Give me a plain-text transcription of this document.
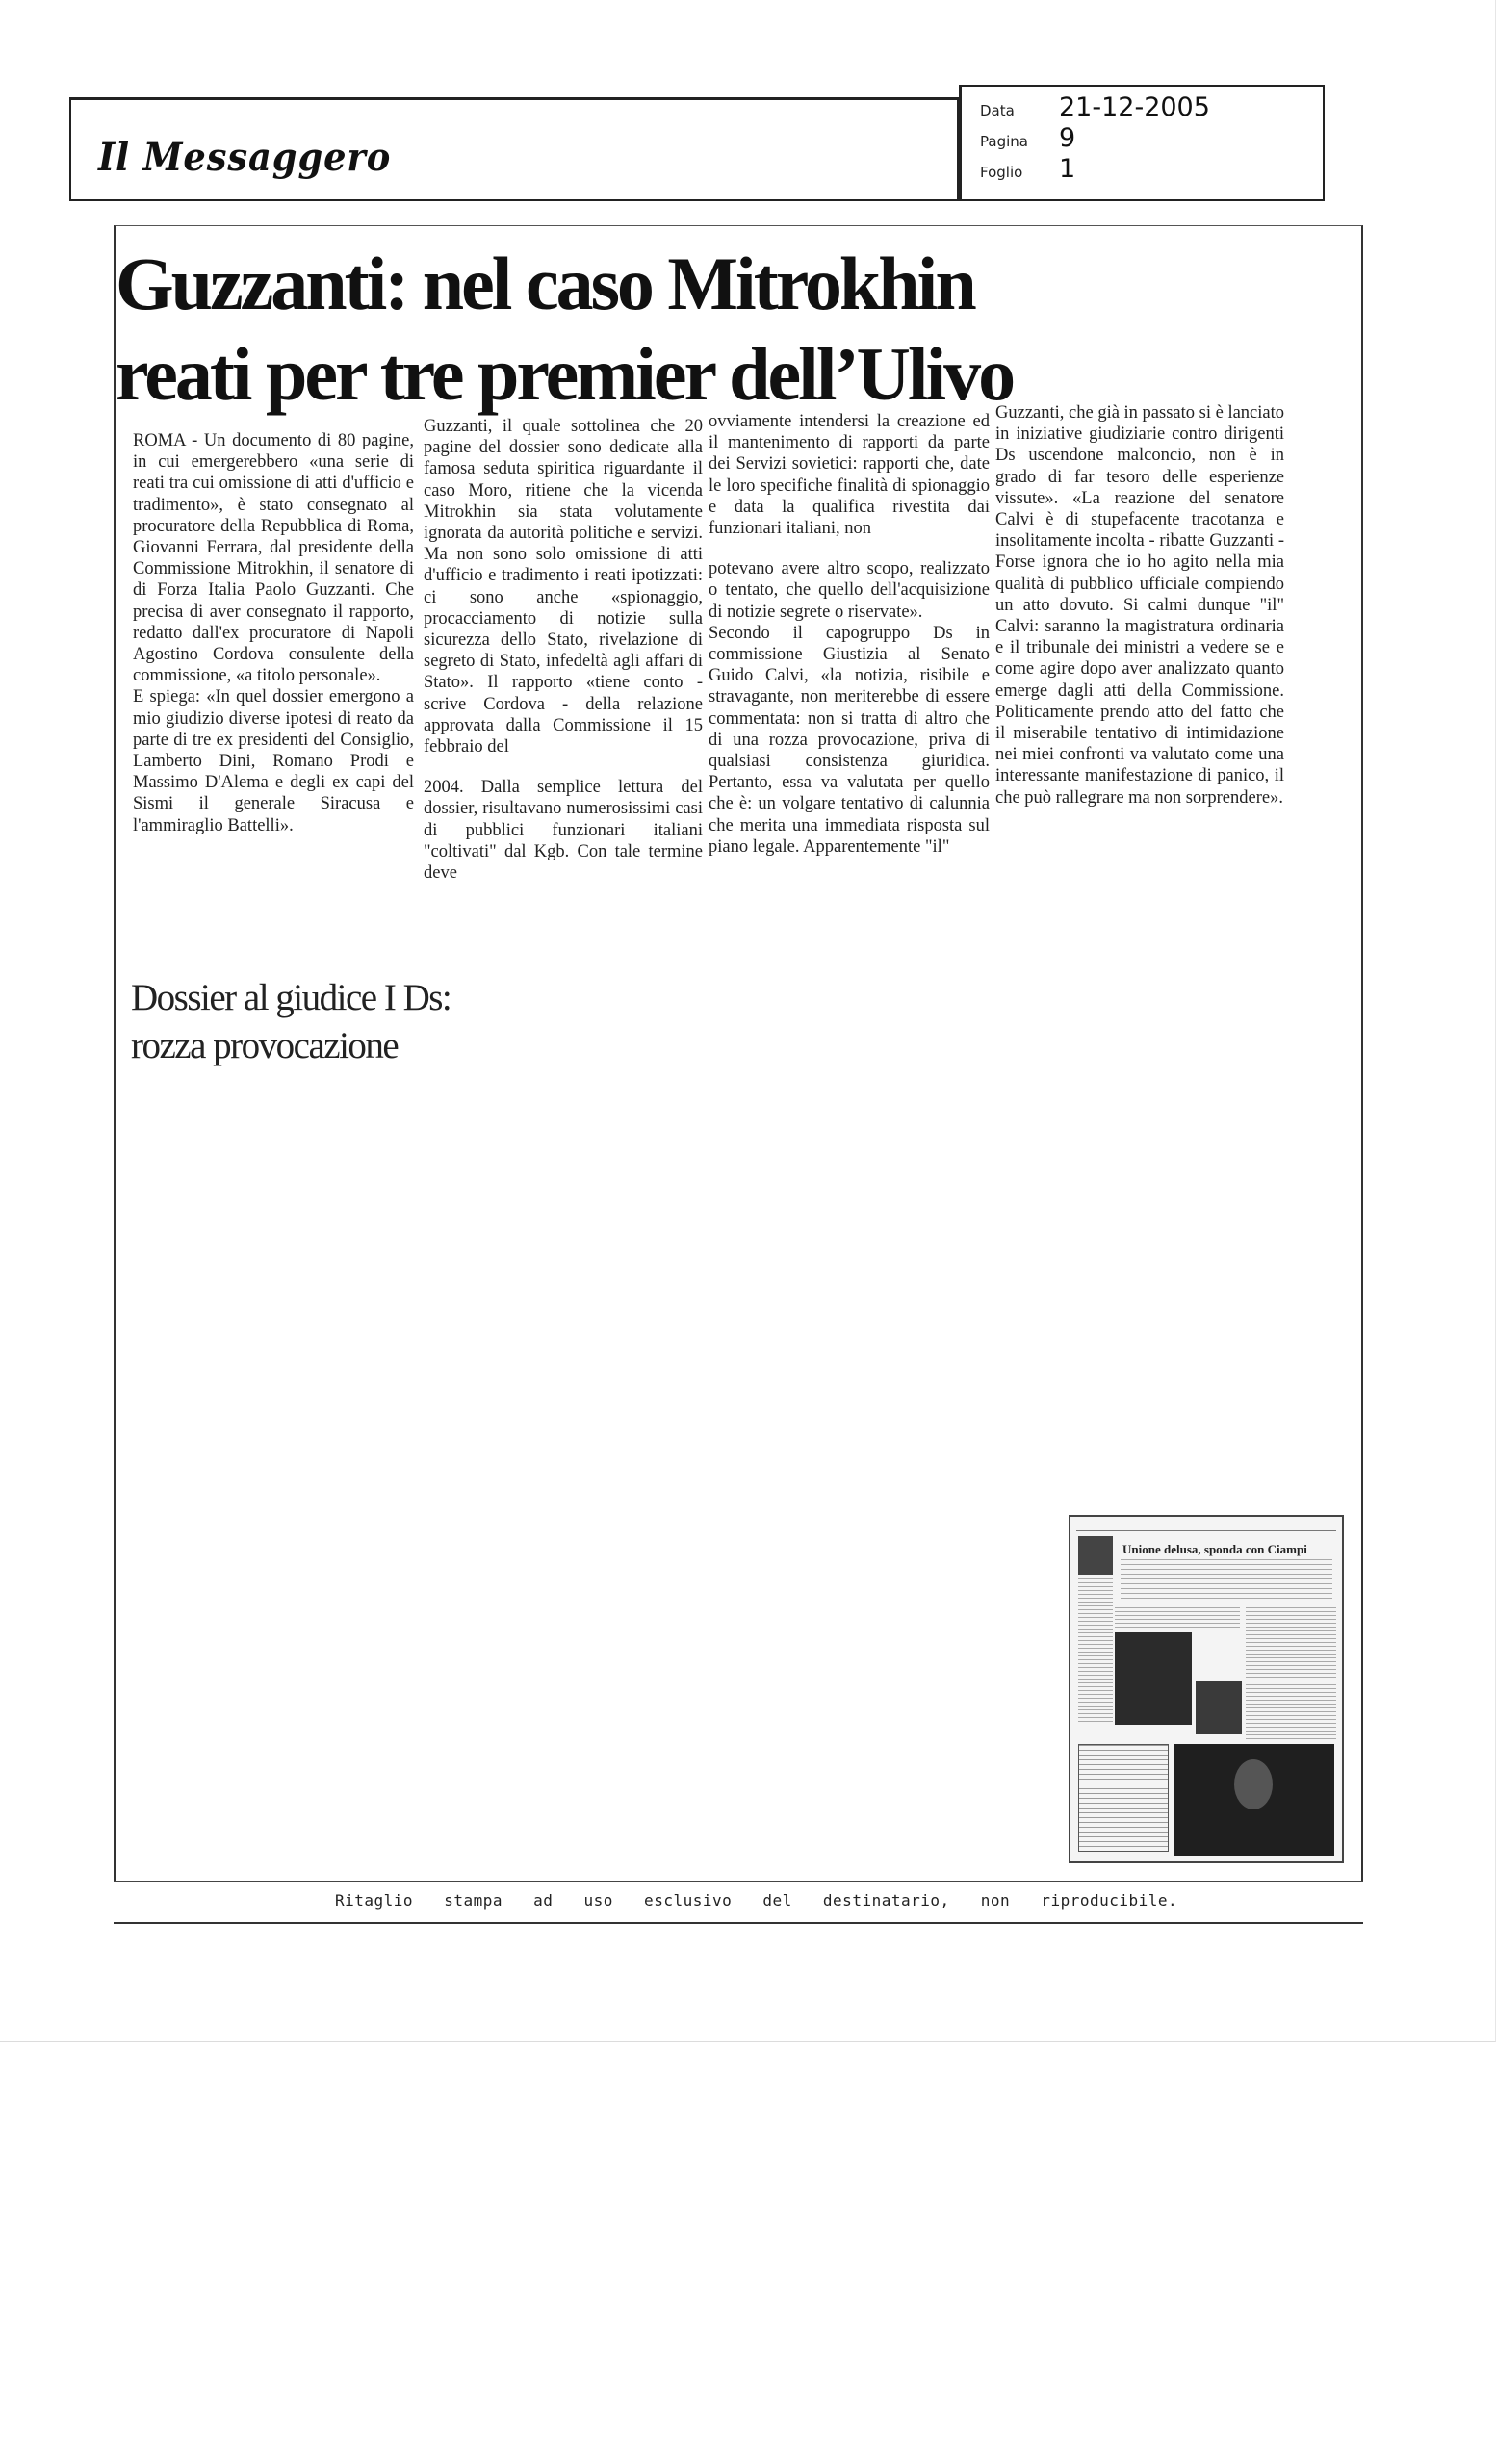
Il Messaggero
Data	21-12-2005
Pagina	9
Foglio	1
Guzzanti: nel caso Mitrokhin reati per tre premier dell’Ulivo

ROMA - Un documento di 80 pagine, in cui emergerebbero «una serie di reati tra cui omissione di atti d'ufficio e tradimento», è stato consegnato al procuratore della Repubblica di Roma, Giovanni Ferrara, dal presidente della Commissione Mitrokhin, il senatore di di Forza Italia Paolo Guzzanti. Che precisa di aver consegnato il rapporto, redatto dall'ex procuratore di Napoli Agostino Cordova consulente della commissione, «a titolo personale».

E spiega: «In quel dossier emergono a mio giudizio diverse ipotesi di reato da parte di tre ex presidenti del Consiglio, Lamberto Dini, Romano Prodi e Massimo D'Alema e degli ex capi del Sismi il generale Siracusa e l'ammiraglio Battelli».

Guzzanti, il quale sottolinea che 20 pagine del dossier sono dedicate alla famosa seduta spiritica riguardante il caso Moro, ritiene che la vicenda Mitrokhin sia stata volutamente ignorata da autorità politiche e servizi. Ma non sono solo omissione di atti d'ufficio e tradimento i reati ipotizzati: ci sono anche «spionaggio, procacciamento di notizie sulla sicurezza dello Stato, rivelazione di segreto di Stato, infedeltà agli affari di Stato». Il rapporto «tiene conto - scrive Cordova - della relazione approvata dalla Commissione il 15 febbraio del

2004. Dalla semplice lettura del dossier, risultavano numerosissimi casi di pubblici funzionari italiani "coltivati" dal Kgb. Con tale termine deve

ovviamente intendersi la creazione ed il mantenimento di rapporti da parte dei Servizi sovietici: rapporti che, date le loro specifiche finalità di spionaggio e data la qualifica rivestita dai funzionari italiani, non

potevano avere altro scopo, realizzato o tentato, che quello dell'acquisizione di notizie segrete o riservate».

Secondo il capogruppo Ds in commissione Giustizia al Senato Guido Calvi, «la notizia, risibile e stravagante, non meriterebbe di essere commentata: non si tratta di altro che di una rozza provocazione, priva di qualsiasi consistenza giuridica. Pertanto, essa va valutata per quello che è: un volgare tentativo di calunnia che merita una immediata risposta sul piano legale. Apparentemente "il"

Guzzanti, che già in passato si è lanciato in iniziative giudiziarie contro dirigenti Ds uscendone malconcio, non è in grado di far tesoro delle esperienze vissute». «La reazione del senatore Calvi è di stupefacente tracotanza e insolitamente incolta - ribatte Guzzanti - Forse ignora che io ho agito nella mia qualità di pubblico ufficiale compiendo un atto dovuto. Si calmi dunque "il" Calvi: saranno la magistratura ordinaria e il tribunale dei ministri a vedere se e come agire dopo aver analizzato quanto emerge dagli atti della Commissione. Politicamente prendo atto del fatto che il miserabile tentativo di intimidazione nei miei confronti va valutato come una interessante manifestazione di panico, il che può rallegrare ma non sorprendere».

Dossier al giudice I Ds: rozza provocazione
Unione delusa, sponda con Ciampi
Ritaglio stampa ad uso esclusivo del destinatario, non riproducibile.
